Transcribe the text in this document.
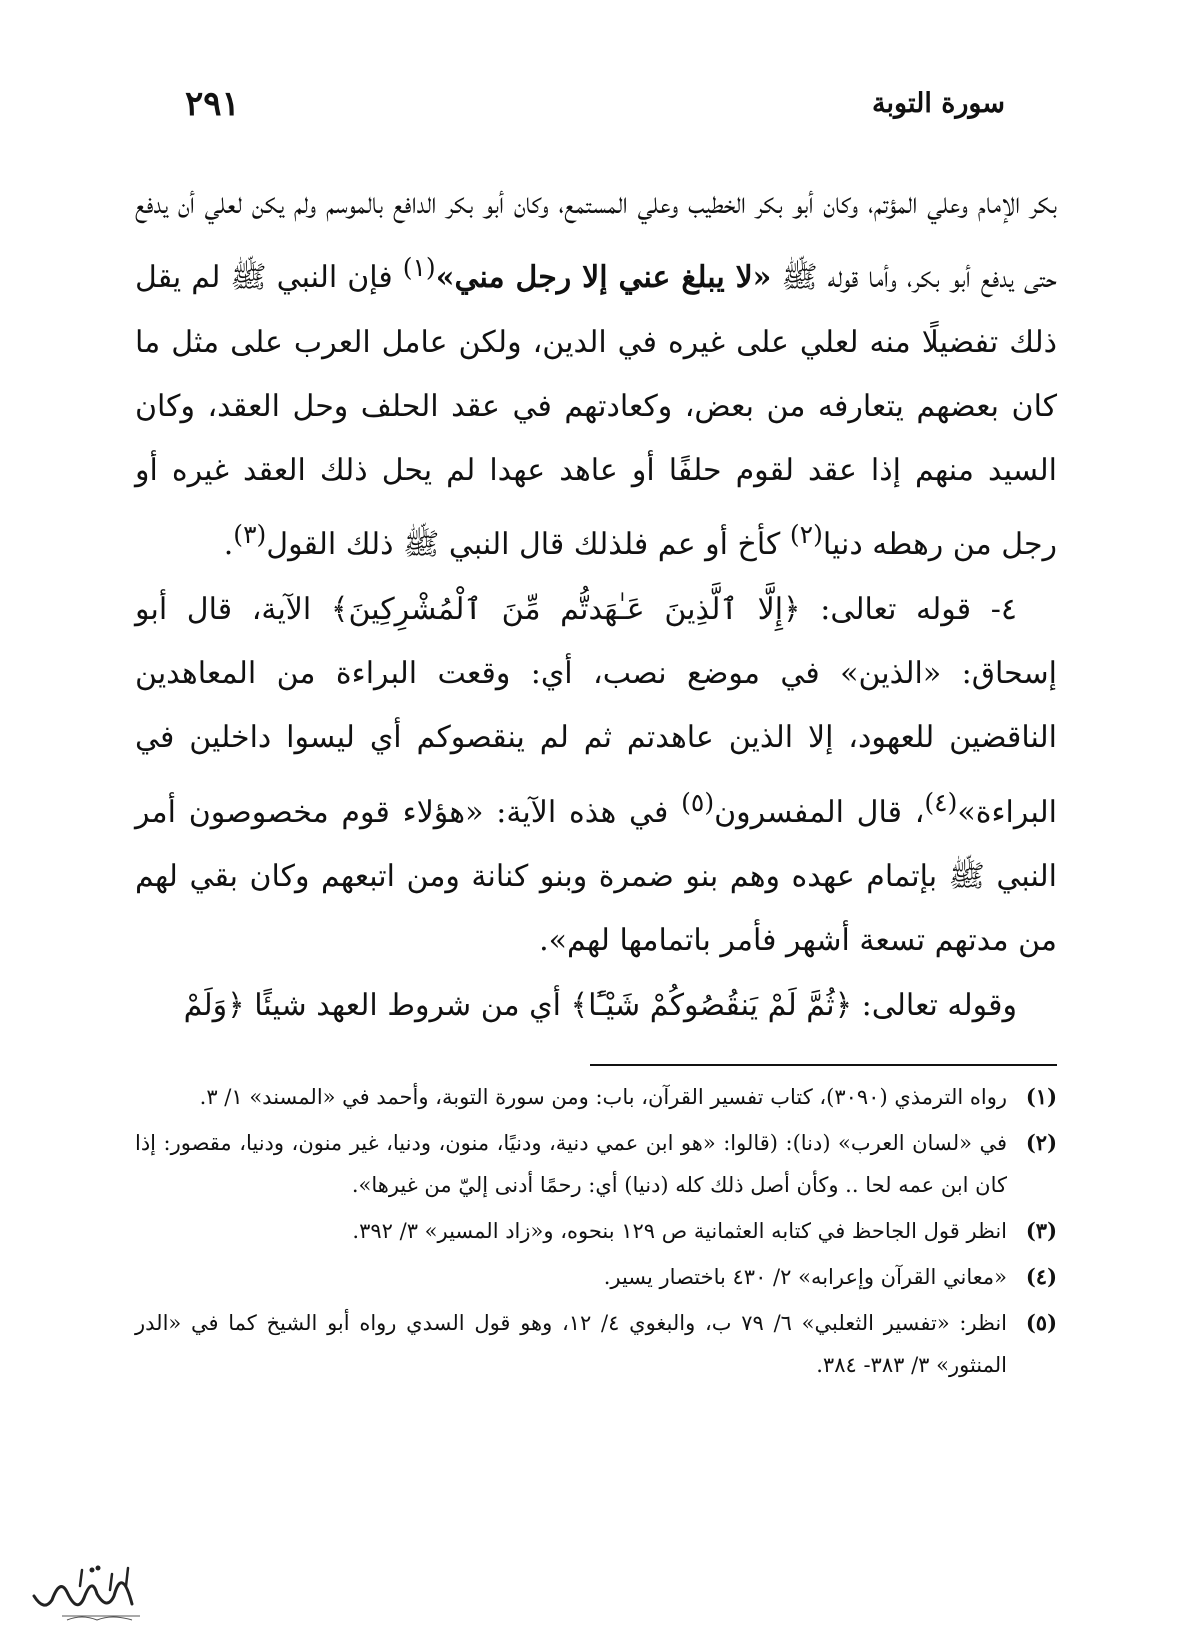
سورة التوبة
٢٩١

بكر الإمام وعلي المؤتم، وكان أبو بكر الخطيب وعلي المستمع، وكان أبو بكر الدافع بالموسم ولم يكن لعلي أن يدفع حتى يدفع أبو بكر، وأما قوله ﷺ «لا يبلغ عني إلا رجل مني»$^{(١)}$ فإن النبي ﷺ لم يقل ذلك تفضيلًا منه لعلي على غيره في الدين، ولكن عامل العرب على مثل ما كان بعضهم يتعارفه من بعض، وكعادتهم في عقد الحلف وحل العقد، وكان السيد منهم إذا عقد لقوم حلفًا أو عاهد عهدا لم يحل ذلك العقد غيره أو رجل من رهطه دنيا$^{(٢)}$ كأخ أو عم فلذلك قال النبي ﷺ ذلك القول$^{(٣)}$.

٤- قوله تعالى: ﴿إِلَّا ٱلَّذِينَ عَـٰهَدتُّم مِّنَ ٱلْمُشْرِكِينَ﴾ الآية، قال أبو إسحاق: «الذين» في موضع نصب، أي: وقعت البراءة من المعاهدين الناقضين للعهود، إلا الذين عاهدتم ثم لم ينقصوكم أي ليسوا داخلين في البراءة»$^{(٤)}$، قال المفسرون$^{(٥)}$ في هذه الآية: «هؤلاء قوم مخصوصون أمر النبي ﷺ بإتمام عهده وهم بنو ضمرة وبنو كنانة ومن اتبعهم وكان بقي لهم من مدتهم تسعة أشهر فأمر باتمامها لهم».

وقوله تعالى: ﴿ثُمَّ لَمْ يَنقُصُوكُمْ شَيْـًٔا﴾ أي من شروط العهد شيئًا ﴿وَلَمْ

(١)
رواه الترمذي (٣٠٩٠)، كتاب تفسير القرآن، باب: ومن سورة التوبة، وأحمد في «المسند» ١/ ٣.
(٢)
في «لسان العرب» (دنا): (قالوا: «هو ابن عمي دنية، ودنيًا، منون، ودنيا، غير منون، ودنيا، مقصور: إذا كان ابن عمه لحا .. وكأن أصل ذلك كله (دنيا) أي: رحمًا أدنى إليّ من غيرها».
(٣)
انظر قول الجاحظ في كتابه العثمانية ص ١٢٩ بنحوه، و«زاد المسير» ٣/ ٣٩٢.
(٤)
«معاني القرآن وإعرابه» ٢/ ٤٣٠ باختصار يسير.
(٥)
انظر: «تفسير الثعلبي» ٦/ ٧٩ ب، والبغوي ٤/ ١٢، وهو قول السدي رواه أبو الشيخ كما في «الدر المنثور» ٣/ ٣٨٣- ٣٨٤.
